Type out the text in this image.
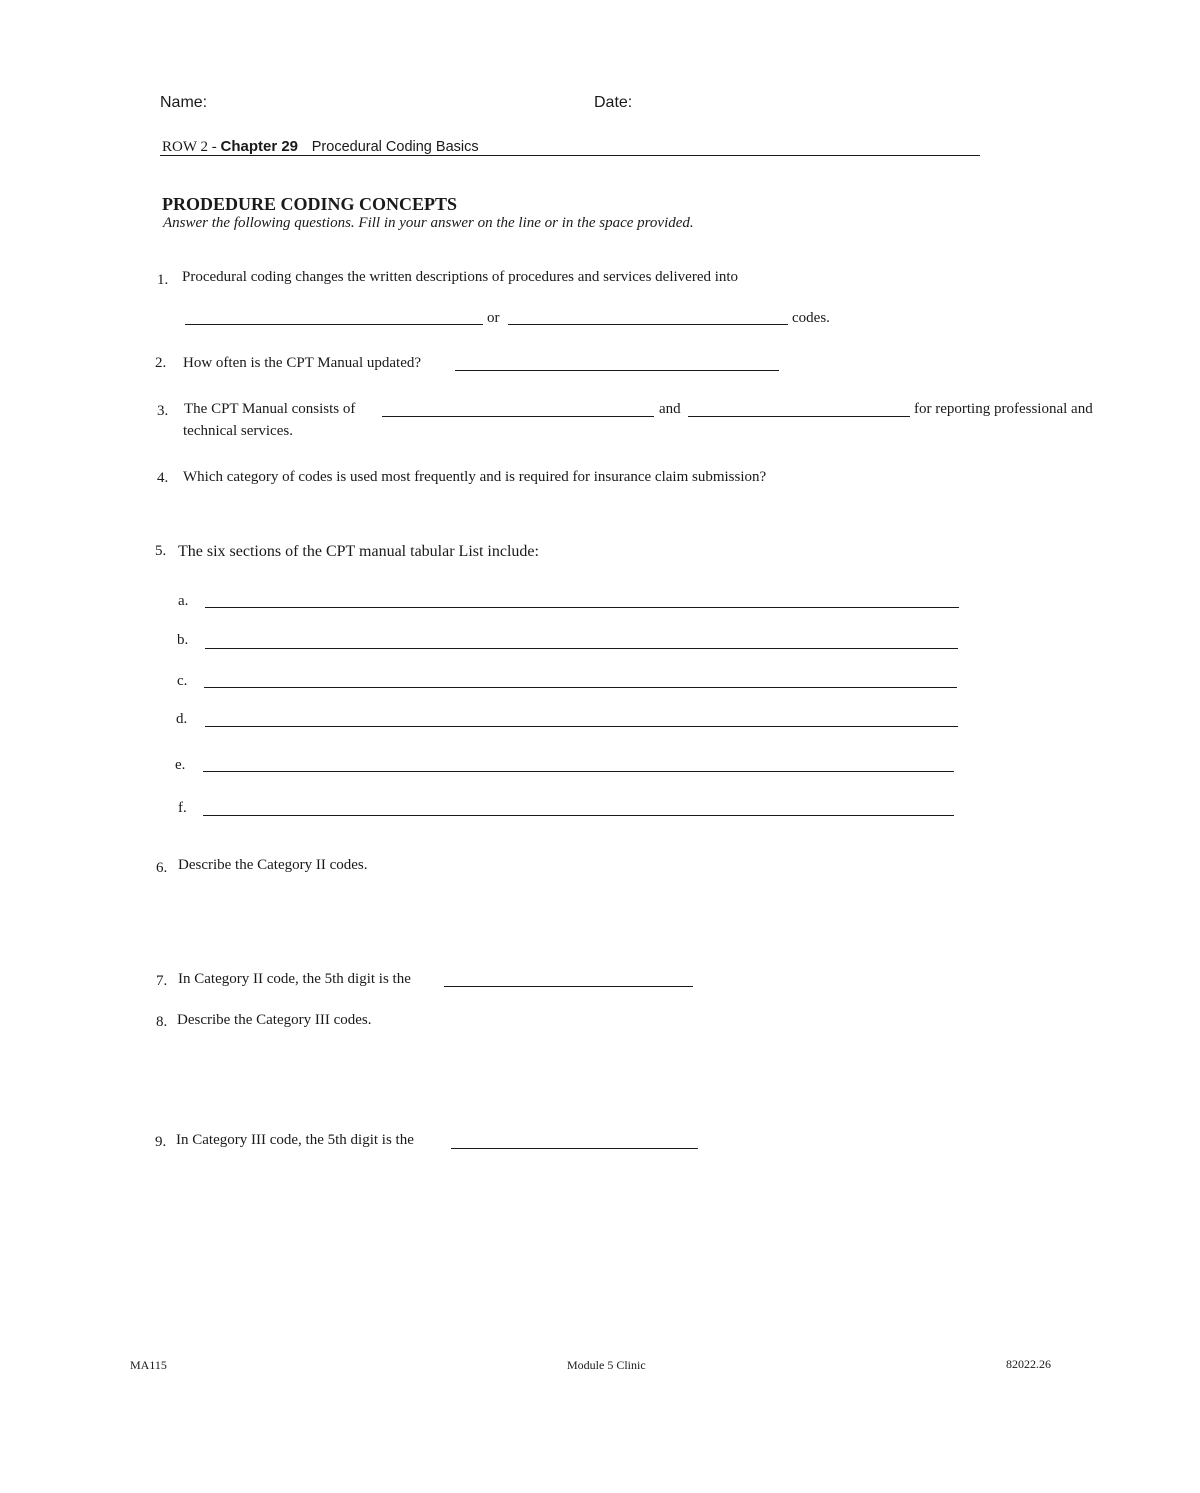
Name:	Date:
ROW 2 - Chapter 29 Procedural Coding Basics
PRODEDURE CODING CONCEPTS
Answer the following questions. Fill in your answer on the line or in the space provided.
1. Procedural coding changes the written descriptions of procedures and services delivered into
or	codes.
2. How often is the CPT Manual updated?
3. The CPT Manual consists of	and	for reporting professional and
technical services.
4. Which category of codes is used most frequently and is required for insurance claim submission?
5. The six sections of the CPT manual tabular List include:
a.
b.
c.
d.
e.
f.
6. Describe the Category II codes.
7. In Category II code, the 5th digit is the
8. Describe the Category III codes.
9. In Category III code, the 5th digit is the
MA115	Module 5 Clinic	82022.26
